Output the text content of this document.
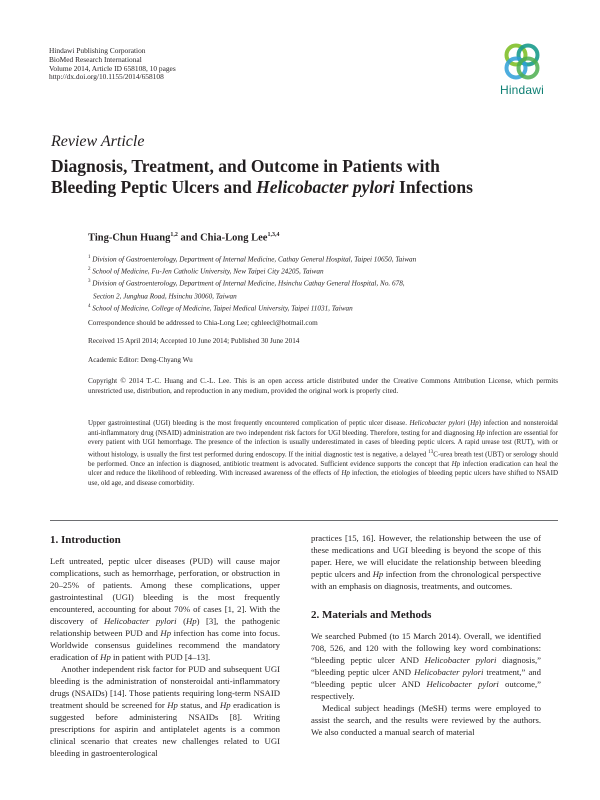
Hindawi Publishing Corporation
BioMed Research International
Volume 2014, Article ID 658108, 10 pages
http://dx.doi.org/10.1155/2014/658108
Hindawi
Review Article
Diagnosis, Treatment, and Outcome in Patients with
Bleeding Peptic Ulcers and Helicobacter pylori Infections
Ting-Chun Huang$^{1,2}$ and Chia-Long Lee$^{1,3,4}$
$^1$ Division of Gastroenterology, Department of Internal Medicine, Cathay General Hospital, Taipei 10650, Taiwan
$^2$ School of Medicine, Fu-Jen Catholic University, New Taipei City 24205, Taiwan
$^3$ Division of Gastroenterology, Department of Internal Medicine, Hsinchu Cathay General Hospital, No. 678,
Section 2, Junghua Road, Hsinchu 30060, Taiwan
$^4$ School of Medicine, College of Medicine, Taipei Medical University, Taipei 11031, Taiwan
Correspondence should be addressed to Chia-Long Lee; cghleecl@hotmail.com
Received 15 April 2014; Accepted 10 June 2014; Published 30 June 2014
Academic Editor: Deng-Chyang Wu
Copyright © 2014 T.-C. Huang and C.-L. Lee. This is an open access article distributed under the Creative Commons Attribution License, which permits unrestricted use, distribution, and reproduction in any medium, provided the original work is properly cited.

Upper gastrointestinal (UGI) bleeding is the most frequently encountered complication of peptic ulcer disease. Helicobacter pylori (Hp) infection and nonsteroidal anti-inflammatory drug (NSAID) administration are two independent risk factors for UGI bleeding. Therefore, testing for and diagnosing Hp infection are essential for every patient with UGI hemorrhage. The presence of the infection is usually underestimated in cases of bleeding peptic ulcers. A rapid urease test (RUT), with or without histology, is usually the first test performed during endoscopy. If the initial diagnostic test is negative, a delayed $^{13}$C-urea breath test (UBT) or serology should be performed. Once an infection is diagnosed, antibiotic treatment is advocated. Sufficient evidence supports the concept that Hp infection eradication can heal the ulcer and reduce the likelihood of rebleeding. With increased awareness of the effects of Hp infection, the etiologies of bleeding peptic ulcers have shifted to NSAID use, old age, and disease comorbidity.

1. Introduction

Left untreated, peptic ulcer diseases (PUD) will cause major complications, such as hemorrhage, perforation, or obstruction in 20–25% of patients. Among these complications, upper gastrointestinal (UGI) bleeding is the most frequently encountered, accounting for about 70% of cases [1, 2]. With the discovery of Helicobacter pylori (Hp) [3], the pathogenic relationship between PUD and Hp infection has come into focus. Worldwide consensus guidelines recommend the mandatory eradication of Hp in patient with PUD [4–13].

Another independent risk factor for PUD and subsequent UGI bleeding is the administration of nonsteroidal anti-inflammatory drugs (NSAIDs) [14]. Those patients requiring long-term NSAID treatment should be screened for Hp status, and Hp eradication is suggested before administering NSAIDs [8]. Writing prescriptions for aspirin and antiplatelet agents is a common clinical scenario that creates new challenges related to UGI bleeding in gastroenterological

practices [15, 16]. However, the relationship between the use of these medications and UGI bleeding is beyond the scope of this paper. Here, we will elucidate the relationship between bleeding peptic ulcers and Hp infection from the chronological perspective with an emphasis on diagnosis, treatments, and outcomes.

2. Materials and Methods

We searched Pubmed (to 15 March 2014). Overall, we identified 708, 526, and 120 with the following key word combinations: “bleeding peptic ulcer AND Helicobacter pylori diagnosis,” “bleeding peptic ulcer AND Helicobacter pylori treatment,” and “bleeding peptic ulcer AND Helicobacter pylori outcome,” respectively.

Medical subject headings (MeSH) terms were employed to assist the search, and the results were reviewed by the authors. We also conducted a manual search of material
